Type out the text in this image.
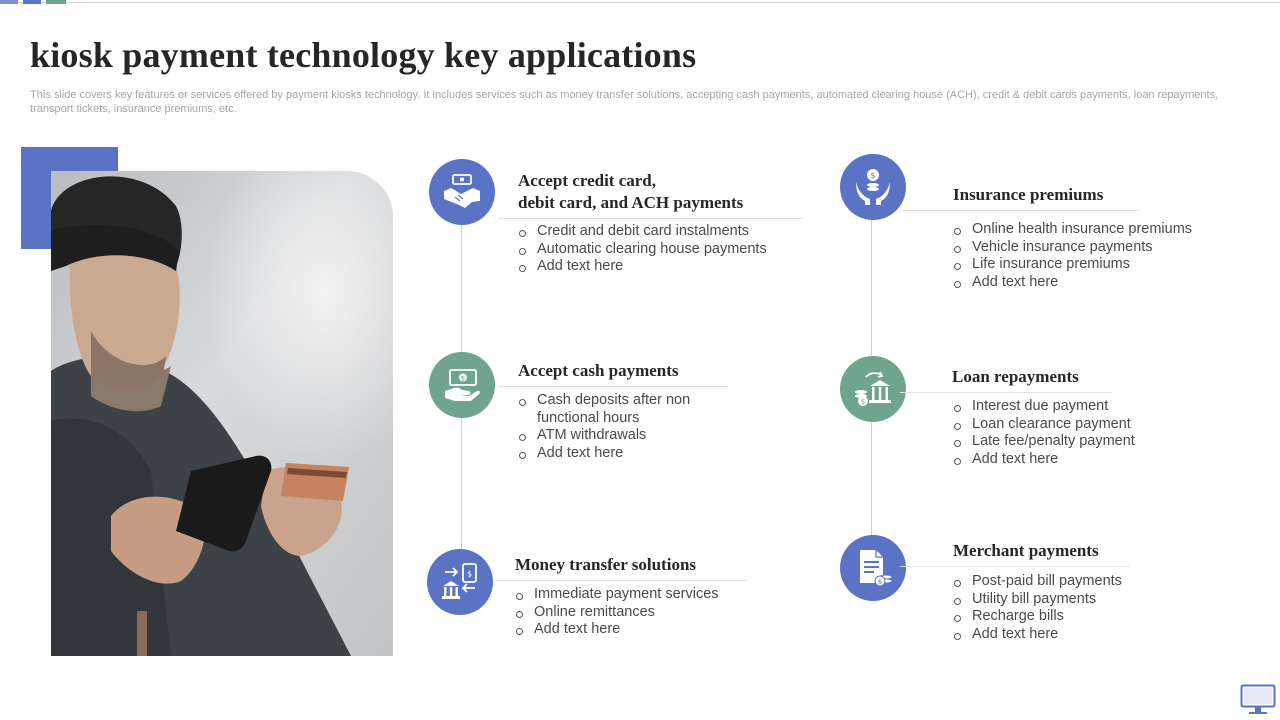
kiosk payment technology key applications

This slide covers key features or services offered by payment kiosks technology. It includes services such as money transfer solutions, accepting cash payments, automated clearing house (ACH), credit & debit cards payments, loan repayments, transport tickets, insurance premiums, etc.

Accept credit card,
debit card, and ACH payments
Credit and debit card instalments
Automatic clearing house payments
Add text here
$	Accept cash payments
Cash deposits after non
functional hours
ATM withdrawals
Add text here
$	Money transfer solutions
Immediate payment services
Online remittances
Add text here
$
Insurance premiums
Online health insurance premiums
Vehicle insurance payments
Life insurance premiums
Add text here
$
Loan repayments
Interest due payment
Loan clearance payment
Late fee/penalty payment
Add text here
$
Merchant payments
Post-paid bill payments
Utility bill payments
Recharge bills
Add text here
